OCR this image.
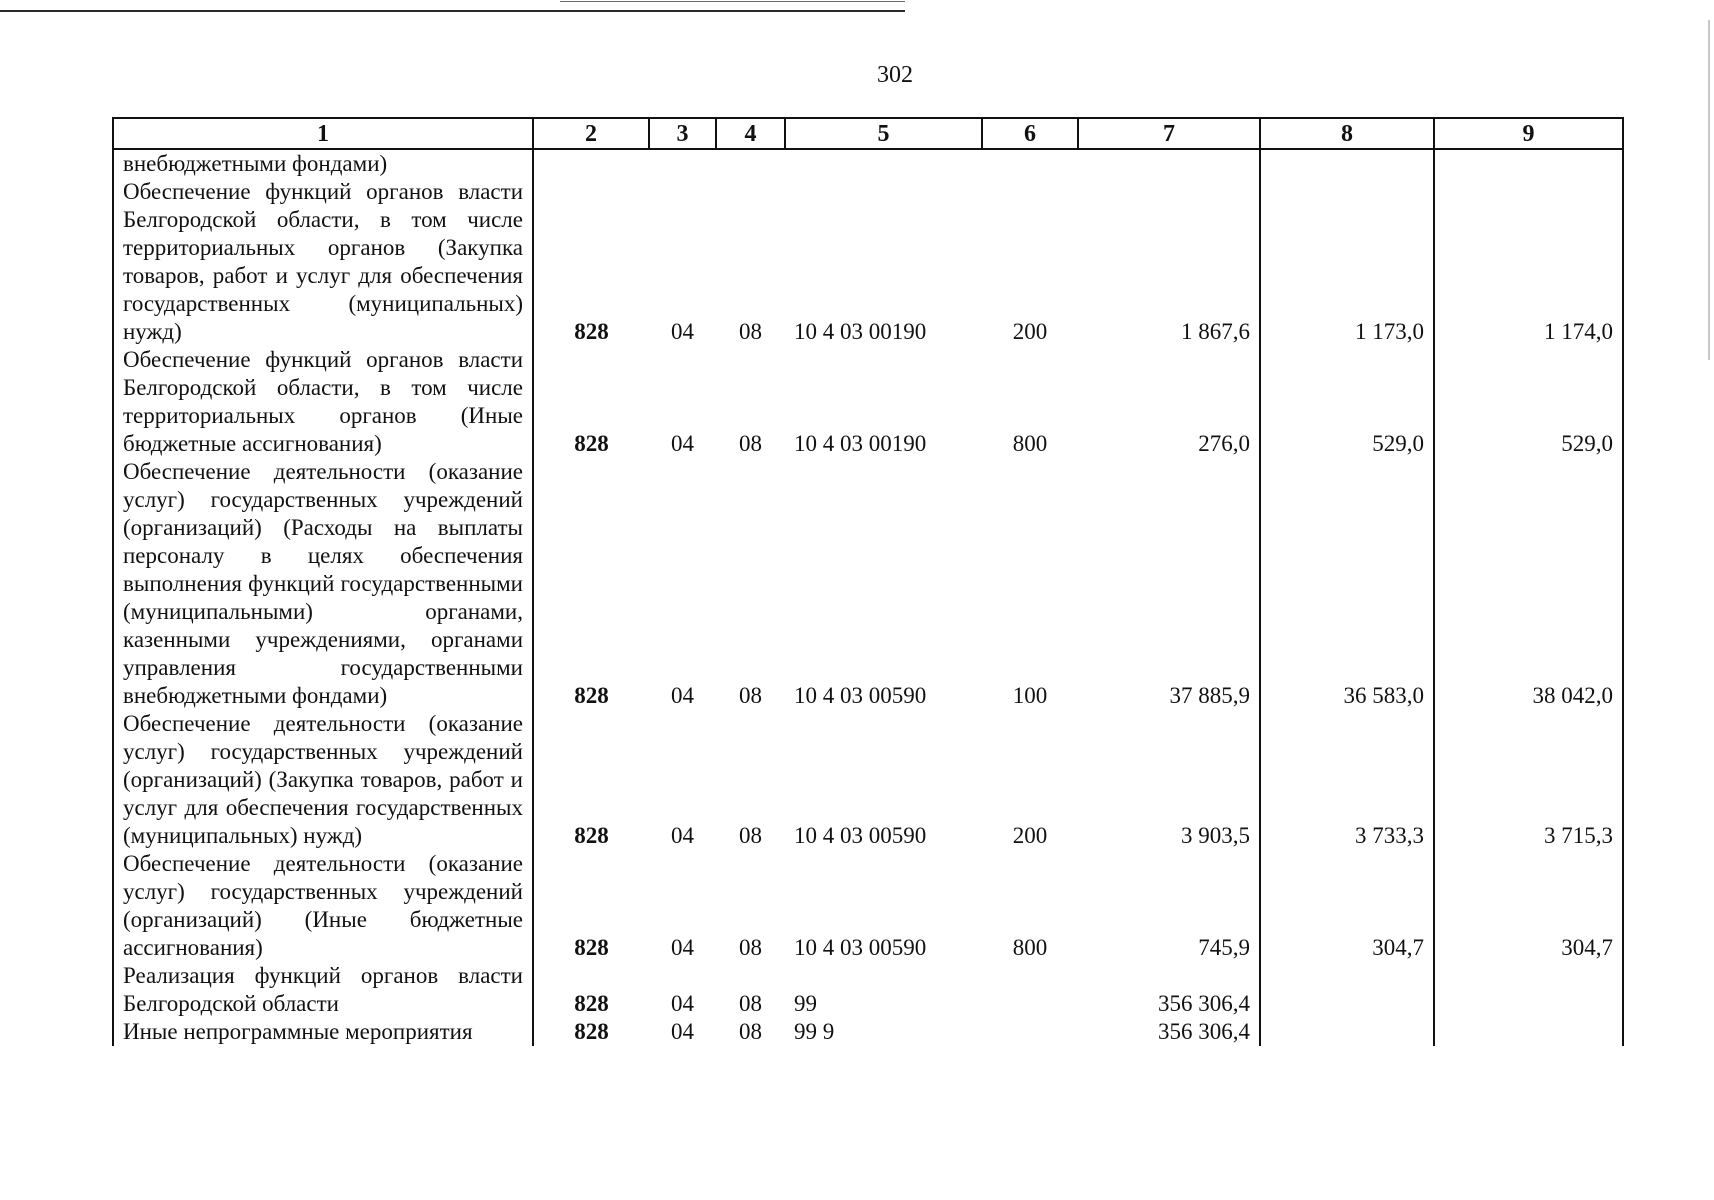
302
1	2	3	4	5	6	7	8	9
внебюджетными фондами)								
Обеспечение функций органов власти Белгородской области, в том числе территориальных органов (Закупка товаров, работ и услуг для обеспечения государственных (муниципальных) нужд)	828	04	08	10 4 03 00190	200	1 867,6	1 173,0	1 174,0
Обеспечение функций органов власти Белгородской области, в том числе территориальных органов (Иные бюджетные ассигнования)	828	04	08	10 4 03 00190	800	276,0	529,0	529,0
Обеспечение деятельности (оказание услуг) государственных учреждений (организаций) (Расходы на выплаты персоналу в целях обеспечения выполнения функций государственными (муниципальными) органами, казенными учреждениями, органами управления государственными внебюджетными фондами)	828	04	08	10 4 03 00590	100	37 885,9	36 583,0	38 042,0
Обеспечение деятельности (оказание услуг) государственных учреждений (организаций) (Закупка товаров, работ и услуг для обеспечения государственных (муниципальных) нужд)	828	04	08	10 4 03 00590	200	3 903,5	3 733,3	3 715,3
Обеспечение деятельности (оказание услуг) государственных учреждений (организаций) (Иные бюджетные ассигнования)	828	04	08	10 4 03 00590	800	745,9	304,7	304,7
Реализация функций органов власти Белгородской области	828	04	08	99		356 306,4		
Иные непрограммные мероприятия	828	04	08	99 9		356 306,4		
